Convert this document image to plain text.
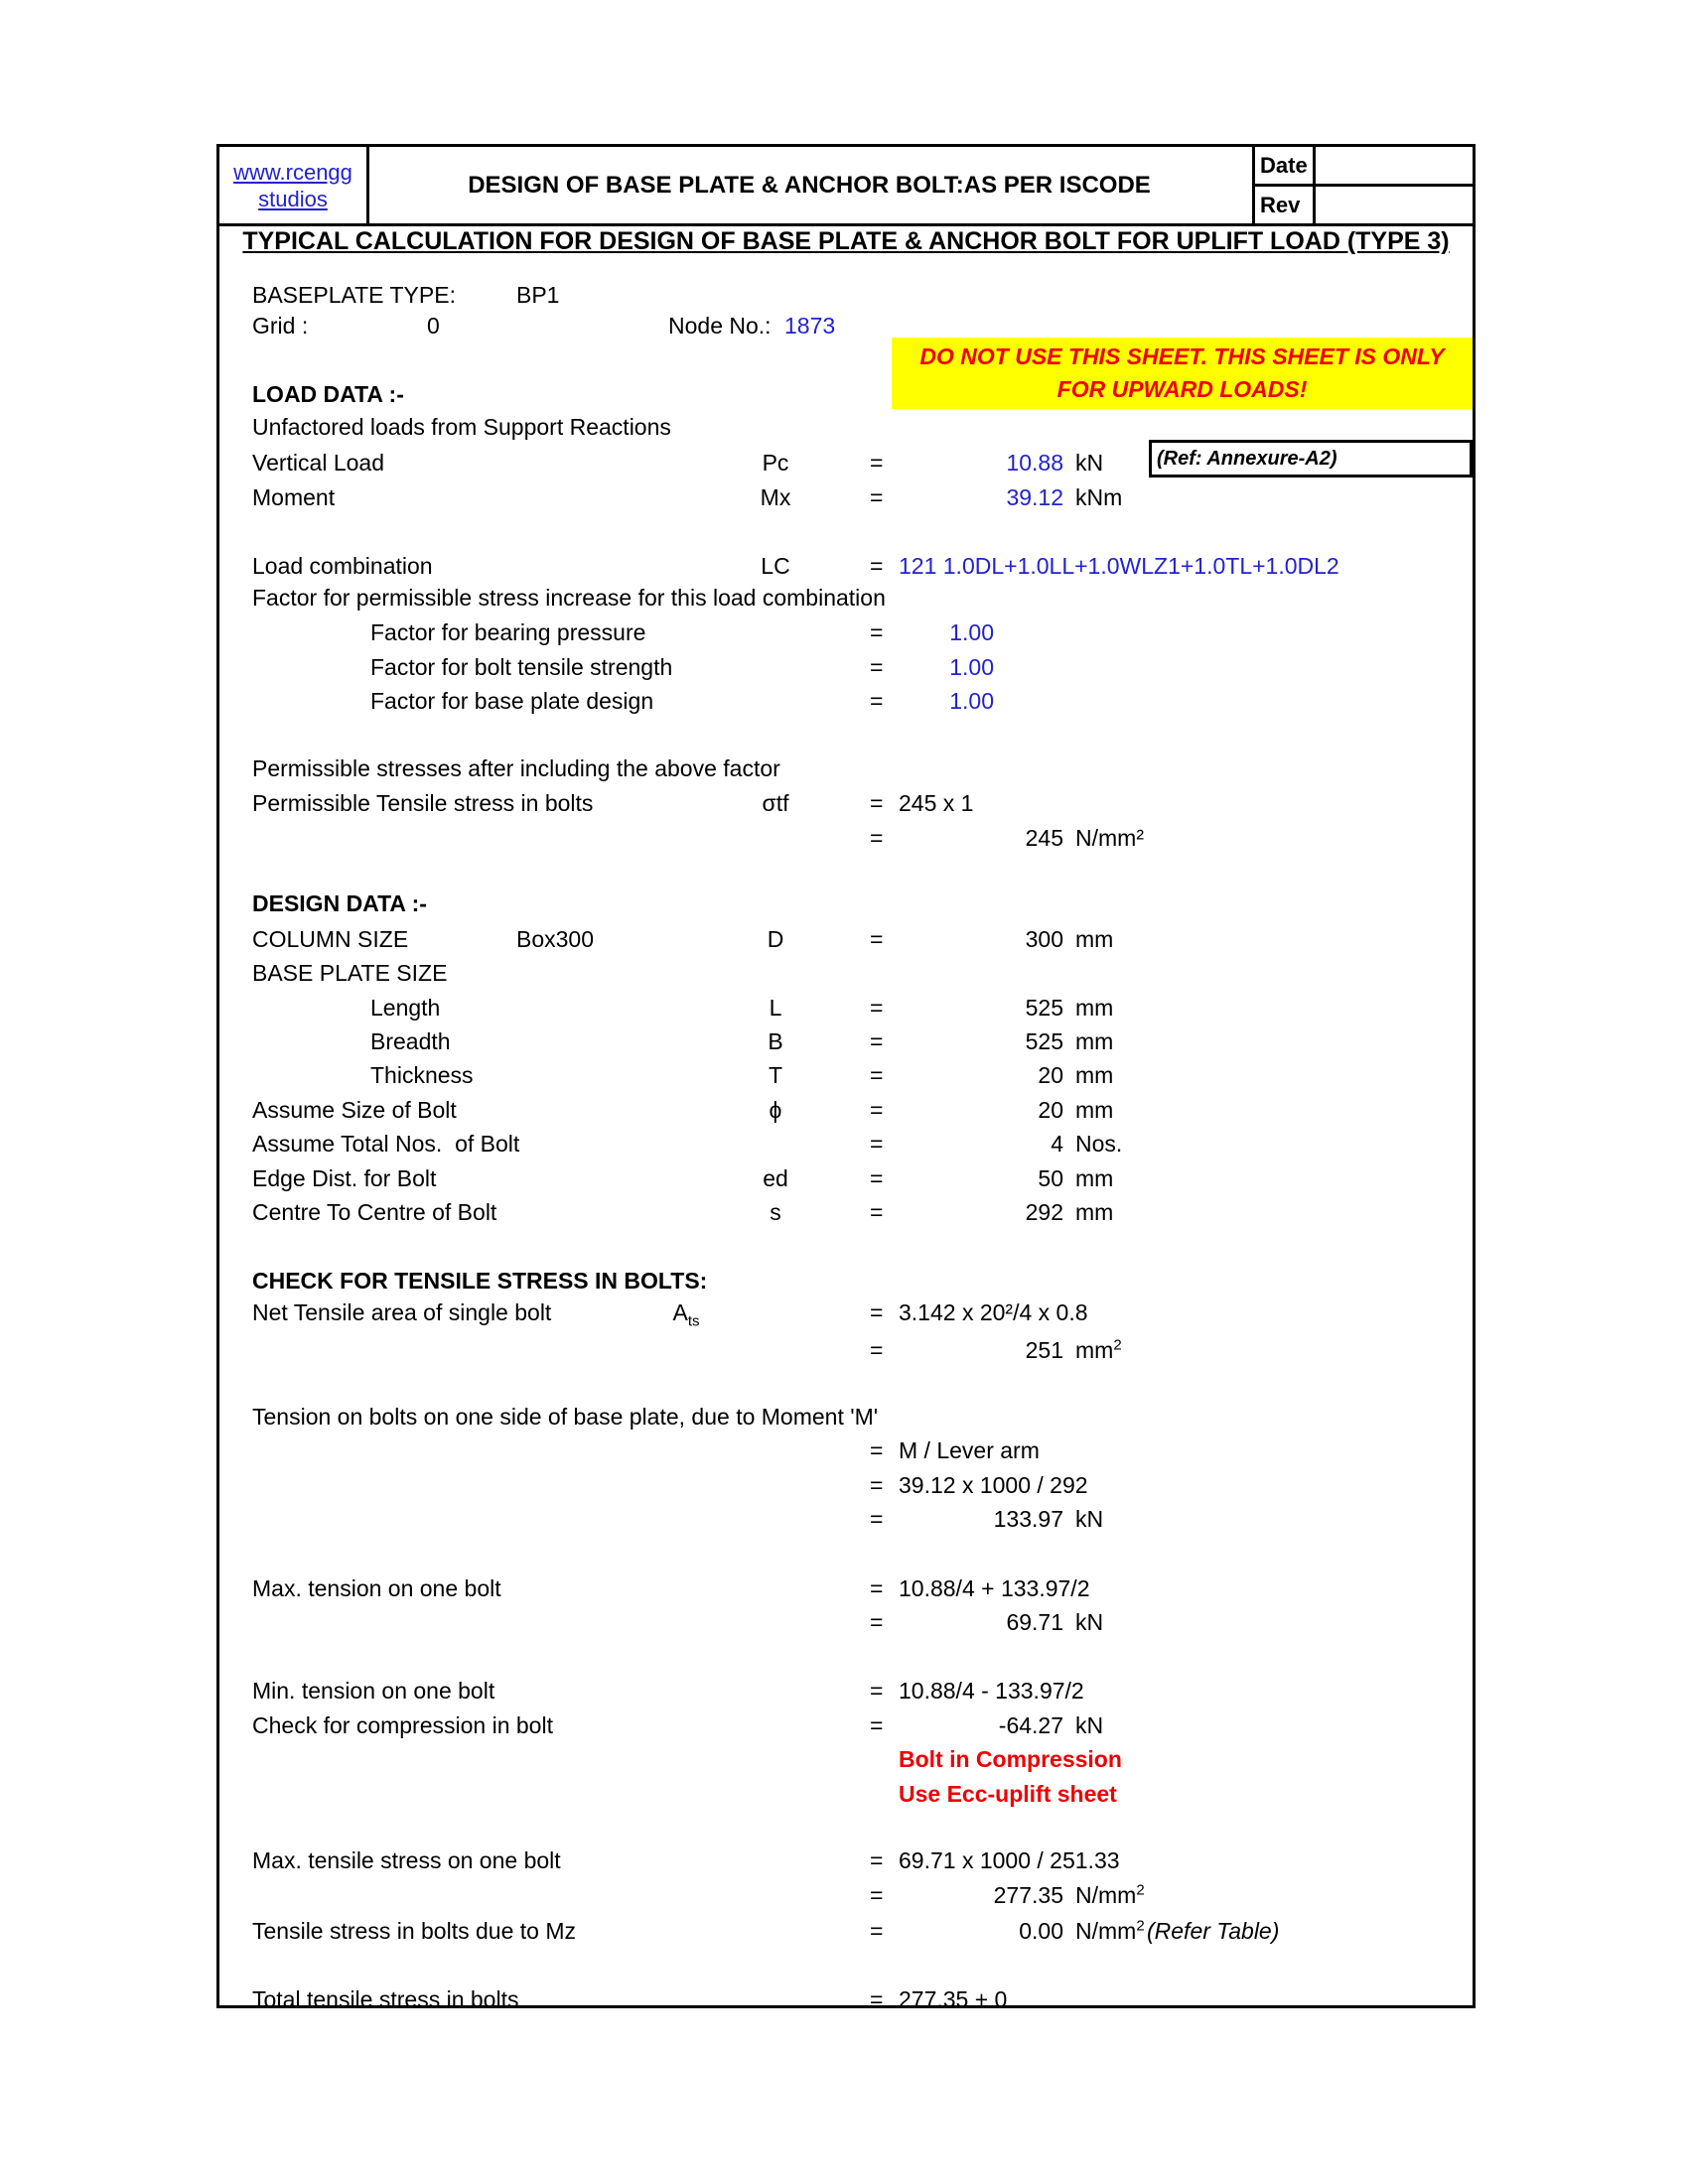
www.rcengg
studios
DESIGN OF BASE PLATE & ANCHOR BOLT:AS PER ISCODE
Date
Rev
TYPICAL CALCULATION FOR DESIGN OF BASE PLATE & ANCHOR BOLT FOR UPLIFT LOAD (TYPE 3)
BASEPLATE TYPE:	BP1
Grid :	0	Node No.: 1873
DO NOT USE THIS SHEET. THIS SHEET IS ONLY
FOR UPWARD LOADS!
(Ref: Annexure-A2)
LOAD DATA :-
Unfactored loads from Support Reactions
Vertical Load	Pc	=	10.88 kN
Moment	Mx	=	39.12 kNm
Load combination	LC	= 121 1.0DL+1.0LL+1.0WLZ1+1.0TL+1.0DL2
Factor for permissible stress increase for this load combination
Factor for bearing pressure	=	1.00
Factor for bolt tensile strength	=	1.00
Factor for base plate design	=	1.00
Permissible stresses after including the above factor
Permissible Tensile stress in bolts	σtf	= 245 x 1
=	245 N/mm²
DESIGN DATA :-
COLUMN SIZE	Box300	D	=	300 mm
BASE PLATE SIZE
Length	L	=	525 mm
Breadth	B	=	525 mm
Thickness	T	=	20 mm
Assume Size of Bolt	ϕ	=	20 mm
Assume Total Nos.  of Bolt	=	4 Nos.
Edge Dist. for Bolt	ed	=	50 mm
Centre To Centre of Bolt	s	=	292 mm
CHECK FOR TENSILE STRESS IN BOLTS:
Net Tensile area of single bolt	$A_{ts}$	= 3.142 x 20²/4 x 0.8
=	251 $mm^2$
Tension on bolts on one side of base plate, due to Moment 'M'
= M / Lever arm
= 39.12 x 1000 / 292
=	133.97 kN
Max. tension on one bolt	= 10.88/4 + 133.97/2
=	69.71 kN
Min. tension on one bolt	= 10.88/4 - 133.97/2
Check for compression in bolt	=	-64.27 kN
Bolt in Compression
Use Ecc-uplift sheet
Max. tensile stress on one bolt	= 69.71 x 1000 / 251.33
=	277.35 $N/mm^2$
Tensile stress in bolts due to Mz	=	0.00 $N/mm^2$ (Refer Table)
Total tensile stress in bolts	= 277.35 + 0
